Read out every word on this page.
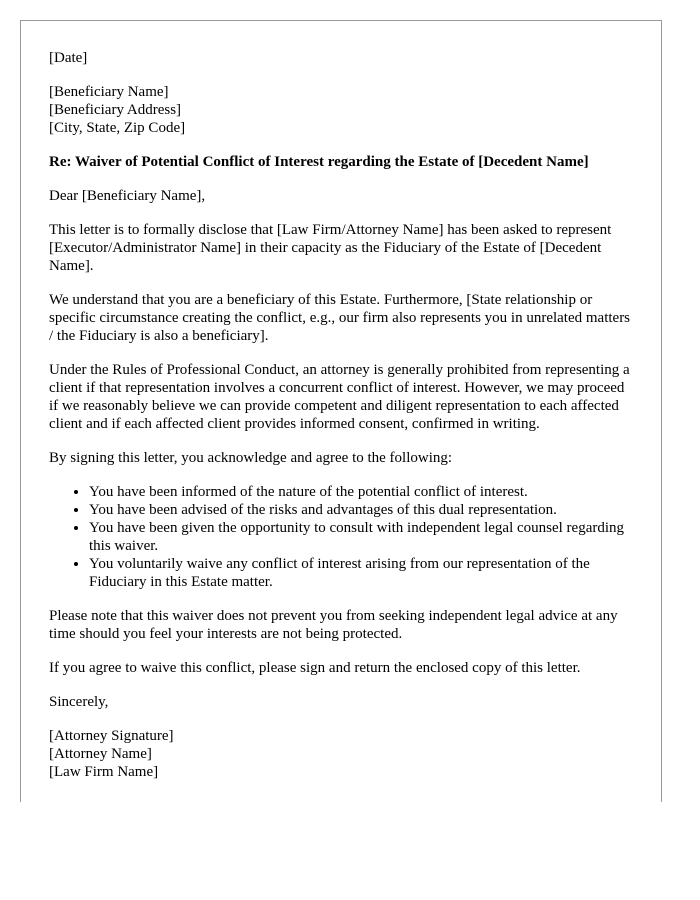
[Date]

[Beneficiary Name]
[Beneficiary Address]
[City, State, Zip Code]

Re: Waiver of Potential Conflict of Interest regarding the Estate of [Decedent Name]

Dear [Beneficiary Name],

This letter is to formally disclose that [Law Firm/Attorney Name] has been asked to represent [Executor/Administrator Name] in their capacity as the Fiduciary of the Estate of [Decedent Name].

We understand that you are a beneficiary of this Estate. Furthermore, [State relationship or specific circumstance creating the conflict, e.g., our firm also represents you in unrelated matters / the Fiduciary is also a beneficiary].

Under the Rules of Professional Conduct, an attorney is generally prohibited from representing a client if that representation involves a concurrent conflict of interest. However, we may proceed if we reasonably believe we can provide competent and diligent representation to each affected client and if each affected client provides informed consent, confirmed in writing.

By signing this letter, you acknowledge and agree to the following:

• You have been informed of the nature of the potential conflict of interest.
• You have been advised of the risks and advantages of this dual representation.
• You have been given the opportunity to consult with independent legal counsel regarding this waiver.
• You voluntarily waive any conflict of interest arising from our representation of the Fiduciary in this Estate matter.

Please note that this waiver does not prevent you from seeking independent legal advice at any time should you feel your interests are not being protected.

If you agree to waive this conflict, please sign and return the enclosed copy of this letter.

Sincerely,

[Attorney Signature]
[Attorney Name]
[Law Firm Name]
